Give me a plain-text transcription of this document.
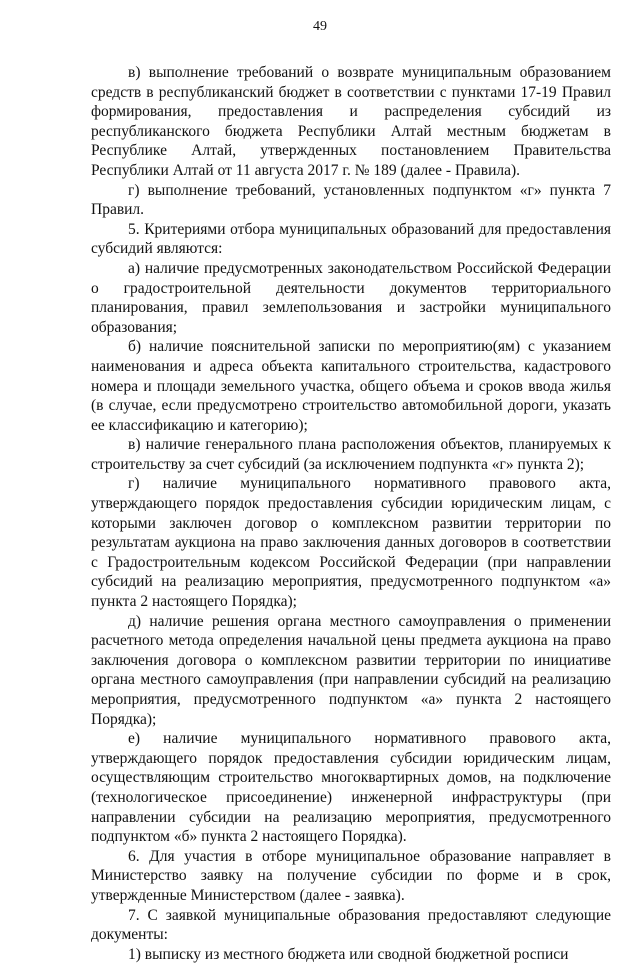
49

в) выполнение требований о возврате муниципальным образованием средств в республиканский бюджет в соответствии с пунктами 17-19 Правил формирования, предоставления и распределения субсидий из республиканского бюджета Республики Алтай местным бюджетам в Республике Алтай, утвержденных постановлением Правительства Республики Алтай от 11 августа 2017 г. № 189 (далее - Правила).

г) выполнение требований, установленных подпунктом «г» пункта 7 Правил.

5. Критериями отбора муниципальных образований для предоставления субсидий являются:

а) наличие предусмотренных законодательством Российской Федерации о градостроительной деятельности документов территориального планирования, правил землепользования и застройки муниципального образования;

б) наличие пояснительной записки по мероприятию(ям) с указанием наименования и адреса объекта капитального строительства, кадастрового номера и площади земельного участка, общего объема и сроков ввода жилья (в случае, если предусмотрено строительство автомобильной дороги, указать ее классификацию и категорию);

в) наличие генерального плана расположения объектов, планируемых к строительству за счет субсидий (за исключением подпункта «г» пункта 2);

г) наличие муниципального нормативного правового акта, утверждающего порядок предоставления субсидии юридическим лицам, с которыми заключен договор о комплексном развитии территории по результатам аукциона на право заключения данных договоров в соответствии с Градостроительным кодексом Российской Федерации (при направлении субсидий на реализацию мероприятия, предусмотренного подпунктом «а» пункта 2 настоящего Порядка);

д) наличие решения органа местного самоуправления о применении расчетного метода определения начальной цены предмета аукциона на право заключения договора о комплексном развитии территории по инициативе органа местного самоуправления (при направлении субсидий на реализацию мероприятия, предусмотренного подпунктом «а» пункта 2 настоящего Порядка);

е) наличие муниципального нормативного правового акта, утверждающего порядок предоставления субсидии юридическим лицам, осуществляющим строительство многоквартирных домов, на подключение (технологическое присоединение) инженерной инфраструктуры (при направлении субсидии на реализацию мероприятия, предусмотренного подпунктом «б» пункта 2 настоящего Порядка).

6. Для участия в отборе муниципальное образование направляет в Министерство заявку на получение субсидии по форме и в срок, утвержденные Министерством (далее - заявка).

7. С заявкой муниципальные образования предоставляют следующие документы:

1) выписку из местного бюджета или сводной бюджетной росписи
